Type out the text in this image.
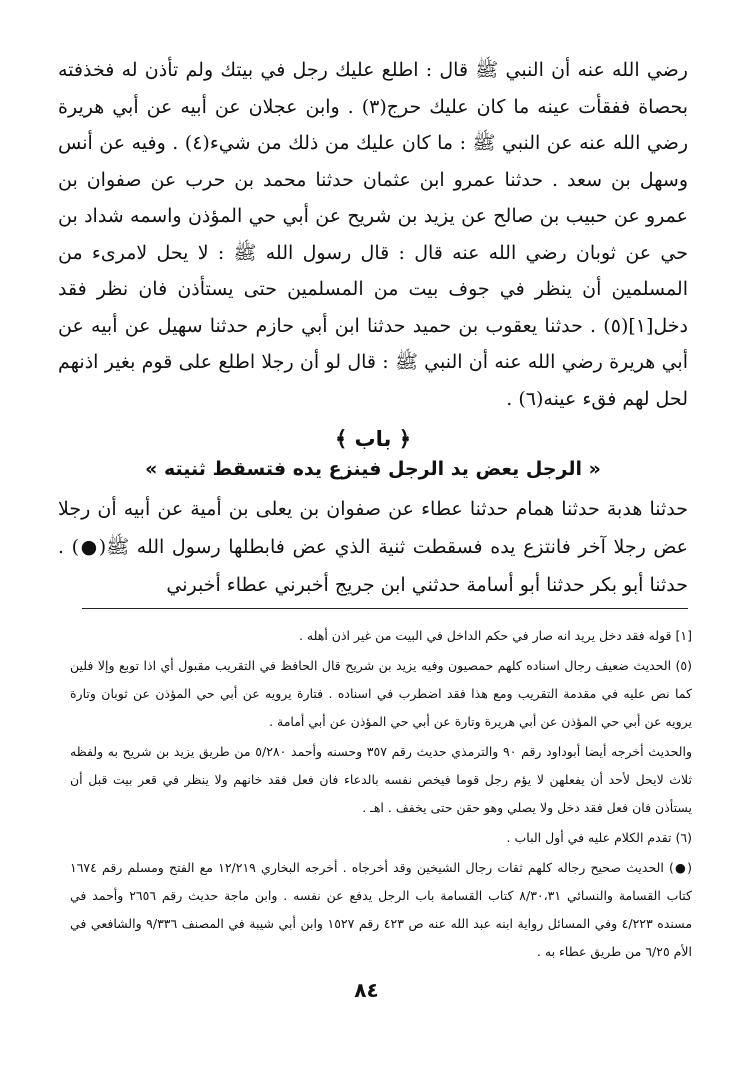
رضي الله عنه أن النبي ﷺ قال : اطلع عليك رجل في بيتك ولم تأذن له فخذفته بحصاة ففقأت عينه ما كان عليك حرج(٣) . وابن عجلان عن أبيه عن أبي هريرة رضي الله عنه عن النبي ﷺ : ما كان عليك من ذلك من شيء(٤) . وفيه عن أنس وسهل بن سعد . حدثنا عمرو ابن عثمان حدثنا محمد بن حرب عن صفوان بن عمرو عن حبيب بن صالح عن يزيد بن شريح عن أبي حي المؤذن واسمه شداد بن حي عن ثوبان رضي الله عنه قال : قال رسول الله ﷺ : لا يحل لامرىء من المسلمين أن ينظر في جوف بيت من المسلمين حتى يستأذن فان نظر فقد دخل[١](٥) . حدثنا يعقوب بن حميد حدثنا ابن أبي حازم حدثنا سهيل عن أبيه عن أبي هريرة رضي الله عنه أن النبي ﷺ : قال لو أن رجلا اطلع على قوم بغير اذنهم لحل لهم فقء عينه(٦) .

﴿ باب ﴾
« الرجل يعض يد الرجل فينزع يده فتسقط ثنيته »

حدثنا هدبة حدثنا همام حدثنا عطاء عن صفوان بن يعلى بن أمية عن أبيه أن رجلا عض رجلا آخر فانتزع يده فسقطت ثنية الذي عض فابطلها رسول الله ﷺ(●) . حدثنا أبو بكر حدثنا أبو أسامة حدثني ابن جريج أخبرني عطاء أخبرني

[١] قوله فقد دخل يريد انه صار في حكم الداخل في البيت من غير اذن أهله .

(٥) الحديث ضعيف رجال اسناده كلهم حمصيون وفيه يزيد بن شريح قال الحافظ في التقريب مقبول أي اذا توبع وإلا فلين كما نص عليه في مقدمة التقريب ومع هذا فقد اضطرب في اسناده . فتارة يرويه عن أبي حي المؤذن عن ثوبان وتارة يرويه عن أبي حي المؤذن عن أبي هريرة وتارة عن أبي حي المؤذن عن أبي أمامة .

والحديث أخرجه أيضا أبوداود رقم ٩٠ والترمذي حديث رقم ٣٥٧ وحسنه وأحمد ٥/٢٨٠ من طريق يزيد بن شريح به ولفظه ثلاث لايحل لأحد أن يفعلهن لا يؤم رجل قوما فيخص نفسه بالدعاء فان فعل فقد خانهم ولا ينظر في قعر بيت قبل أن يستأذن فان فعل فقد دخل ولا يصلي وهو حقن حتى يخفف . اهـ .

(٦) تقدم الكلام عليه في أول الباب .

(●) الحديث صحيح رجاله كلهم ثقات رجال الشيخين وقد أخرجاه . أخرجه البخاري ١٢/٢١٩ مع الفتح ومسلم رقم ١٦٧٤ كتاب القسامة والنسائي ٨/٣٠،٣١ كتاب القسامة باب الرجل يدفع عن نفسه . وابن ماجة حديث رقم ٢٦٥٦ وأحمد في مسنده ٤/٢٢٣ وفي المسائل رواية ابنه عبد الله عنه ص ٤٢٣ رقم ١٥٢٧ وابن أبي شيبة في المصنف ٩/٣٣٦ والشافعي في الأم ٦/٢٥ من طريق عطاء به .

٨٤
